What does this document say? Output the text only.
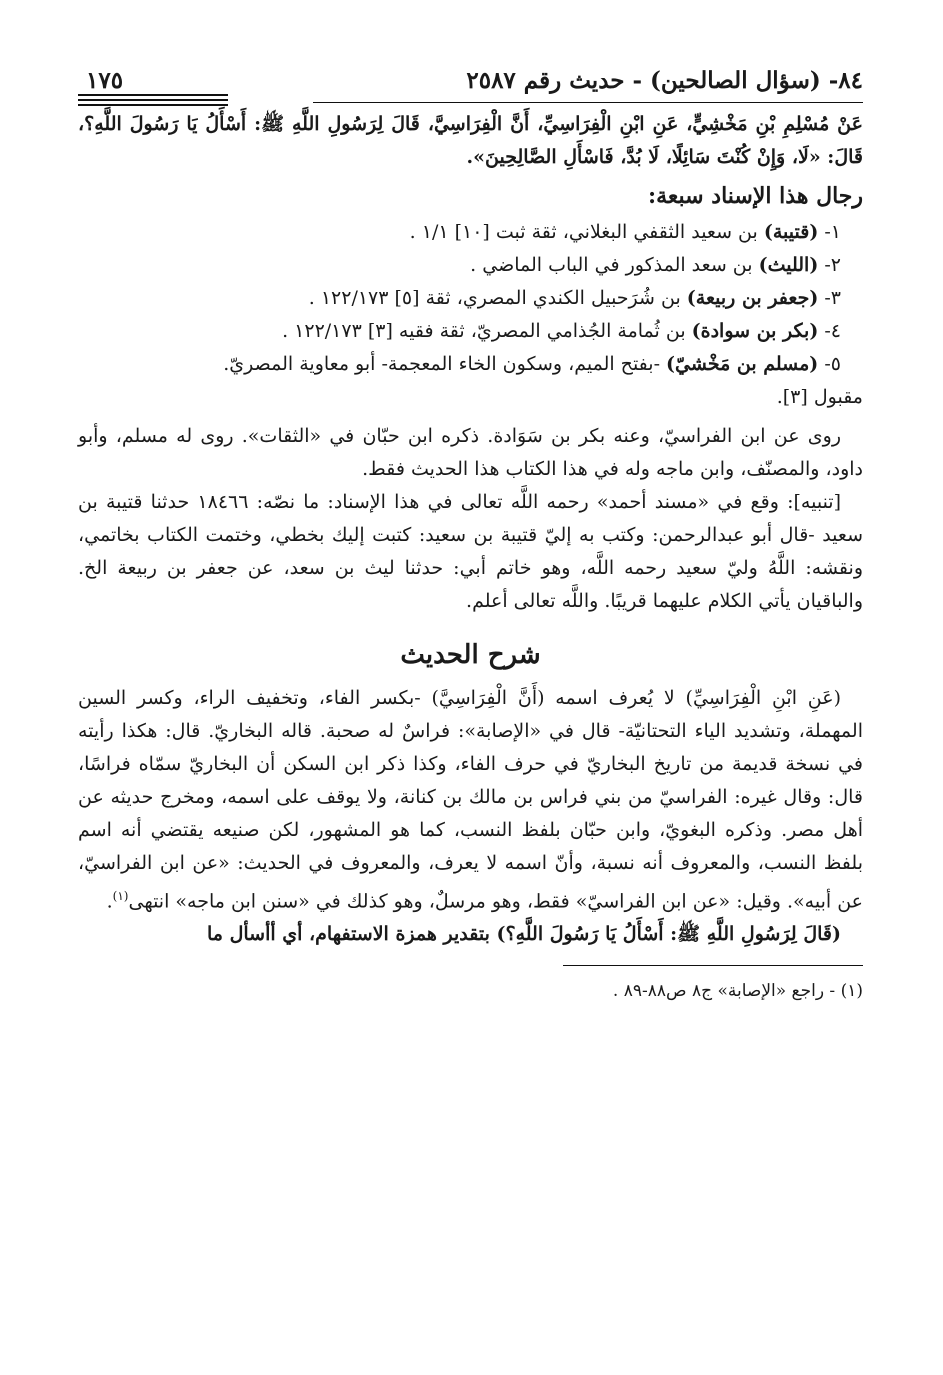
٨٤- (سؤال الصالحين) - حديث رقم ٢٥٨٧
١٧٥

عَنْ مُسْلِمِ بْنِ مَخْشِيٍّ، عَنِ ابْنِ الْفِرَاسِيِّ، أَنَّ الْفِرَاسِيَّ، قَالَ لِرَسُولِ اللَّهِ ﷺ: أَسْأَلُ يَا رَسُولَ اللَّهِ؟، قَالَ: «لَا، وَإِنْ كُنْتَ سَائِلًا، لَا بُدَّ، فَاسْأَلِ الصَّالِحِينَ».

رجال هذا الإسناد سبعة:
١- (قتيبة) بن سعيد الثقفي البغلاني، ثقة ثبت [١٠] ١/١ .
٢- (الليث) بن سعد المذكور في الباب الماضي .
٣- (جعفر بن ربيعة) بن شُرَحبيل الكندي المصري، ثقة [٥] ١٢٢/١٧٣ .
٤- (بكر بن سوادة) بن ثُمامة الجُذامي المصريّ، ثقة فقيه [٣] ١٢٢/١٧٣ .
٥- (مسلم بن مَخْشيّ) -بفتح الميم، وسكون الخاء المعجمة- أبو معاوية المصريّ.
مقبول [٣].

روى عن ابن الفراسيّ، وعنه بكر بن سَوَادة. ذكره ابن حبّان في «الثقات». روى له مسلم، وأبو داود، والمصنّف، وابن ماجه وله في هذا الكتاب هذا الحديث فقط.

[تنبيه]: وقع في «مسند أحمد» رحمه اللَّه تعالى في هذا الإسناد: ما نصّه: ١٨٤٦٦ حدثنا قتيبة بن سعيد -قال أبو عبدالرحمن: وكتب به إليّ قتيبة بن سعيد: كتبت إليك بخطي، وختمت الكتاب بخاتمي، ونقشه: اللَّهُ وليّ سعيد رحمه اللَّه، وهو خاتم أبي: حدثنا ليث بن سعد، عن جعفر بن ربيعة الخ. والباقيان يأتي الكلام عليهما قريبًا. واللَّه تعالى أعلم.

شرح الحديث

(عَنِ ابْنِ الْفِرَاسِيِّ) لا يُعرف اسمه (أَنَّ الْفِرَاسِيَّ) -بكسر الفاء، وتخفيف الراء، وكسر السين المهملة، وتشديد الياء التحتانيّة- قال في «الإصابة»: فراسٌ له صحبة. قاله البخاريّ. قال: هكذا رأيته في نسخة قديمة من تاريخ البخاريّ في حرف الفاء، وكذا ذكر ابن السكن أن البخاريّ سمّاه فراسًا، قال: وقال غيره: الفراسيّ من بني فراس بن مالك بن كنانة، ولا يوقف على اسمه، ومخرج حديثه عن أهل مصر. وذكره البغويّ، وابن حبّان بلفظ النسب، كما هو المشهور، لكن صنيعه يقتضي أنه اسم بلفظ النسب، والمعروف أنه نسبة، وأنّ اسمه لا يعرف، والمعروف في الحديث: «عن ابن الفراسيّ، عن أبيه». وقيل: «عن ابن الفراسيّ» فقط، وهو مرسلٌ، وهو كذلك في «سنن ابن ماجه» انتهى$^{(١)}$.

(قَالَ لِرَسُولِ اللَّهِ ﷺ: أَسْأَلُ يَا رَسُولَ اللَّهِ؟) بتقدير همزة الاستفهام، أي أأسأل ما

(١) - راجع «الإصابة» ج٨ ص٨٨-٨٩ .
